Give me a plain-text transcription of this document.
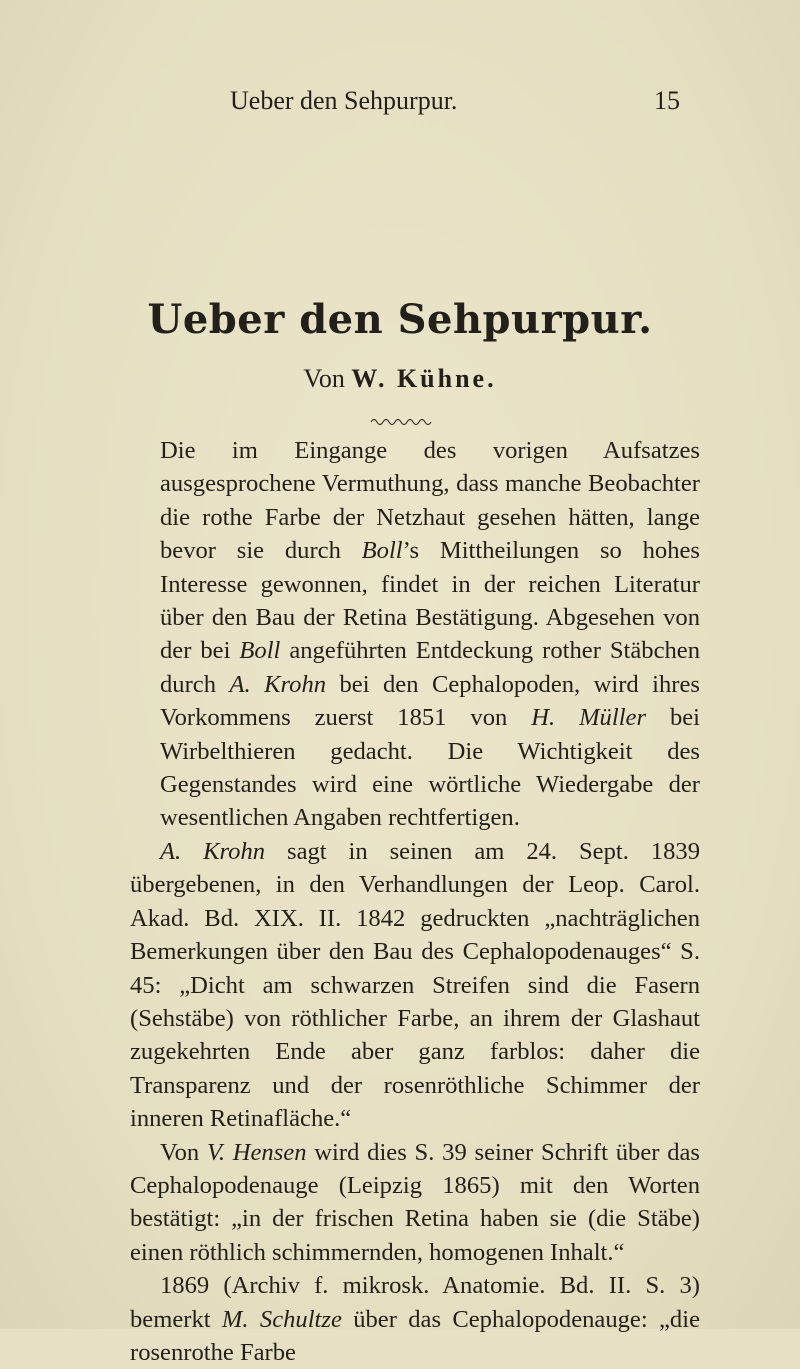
Ueber den Sehpurpur.	15
Ueber den Sehpurpur.
Von W. Kühne.

Die im Eingange des vorigen Aufsatzes ausgesprochene Vermuthung, dass manche Beobachter die rothe Farbe der Netzhaut gesehen hätten, lange bevor sie durch Boll’s Mittheilungen so hohes Interesse gewonnen, findet in der reichen Literatur über den Bau der Retina Bestätigung. Abgesehen von der bei Boll angeführten Entdeckung rother Stäbchen durch A. Krohn bei den Cephalopoden, wird ihres Vorkommens zuerst 1851 von H. Müller bei Wirbelthieren gedacht. Die Wichtigkeit des Gegenstandes wird eine wörtliche Wiedergabe der wesentlichen Angaben rechtfertigen.

A. Krohn sagt in seinen am 24. Sept. 1839 übergebenen, in den Verhandlungen der Leop. Carol. Akad. Bd. XIX. II. 1842 gedruckten „nachträglichen Bemerkungen über den Bau des Cephalopodenauges“ S. 45: „Dicht am schwarzen Streifen sind die Fasern (Sehstäbe) von röthlicher Farbe, an ihrem der Glashaut zugekehrten Ende aber ganz farblos: daher die Transparenz und der rosenröthliche Schimmer der inneren Retinafläche.“

Von V. Hensen wird dies S. 39 seiner Schrift über das Cephalopodenauge (Leipzig 1865) mit den Worten bestätigt: „in der frischen Retina haben sie (die Stäbe) einen röthlich schimmernden, homogenen Inhalt.“

1869 (Archiv f. mikrosk. Anatomie. Bd. II. S. 3) bemerkt M. Schultze über das Cephalopodenauge: „die rosenrothe Farbe
